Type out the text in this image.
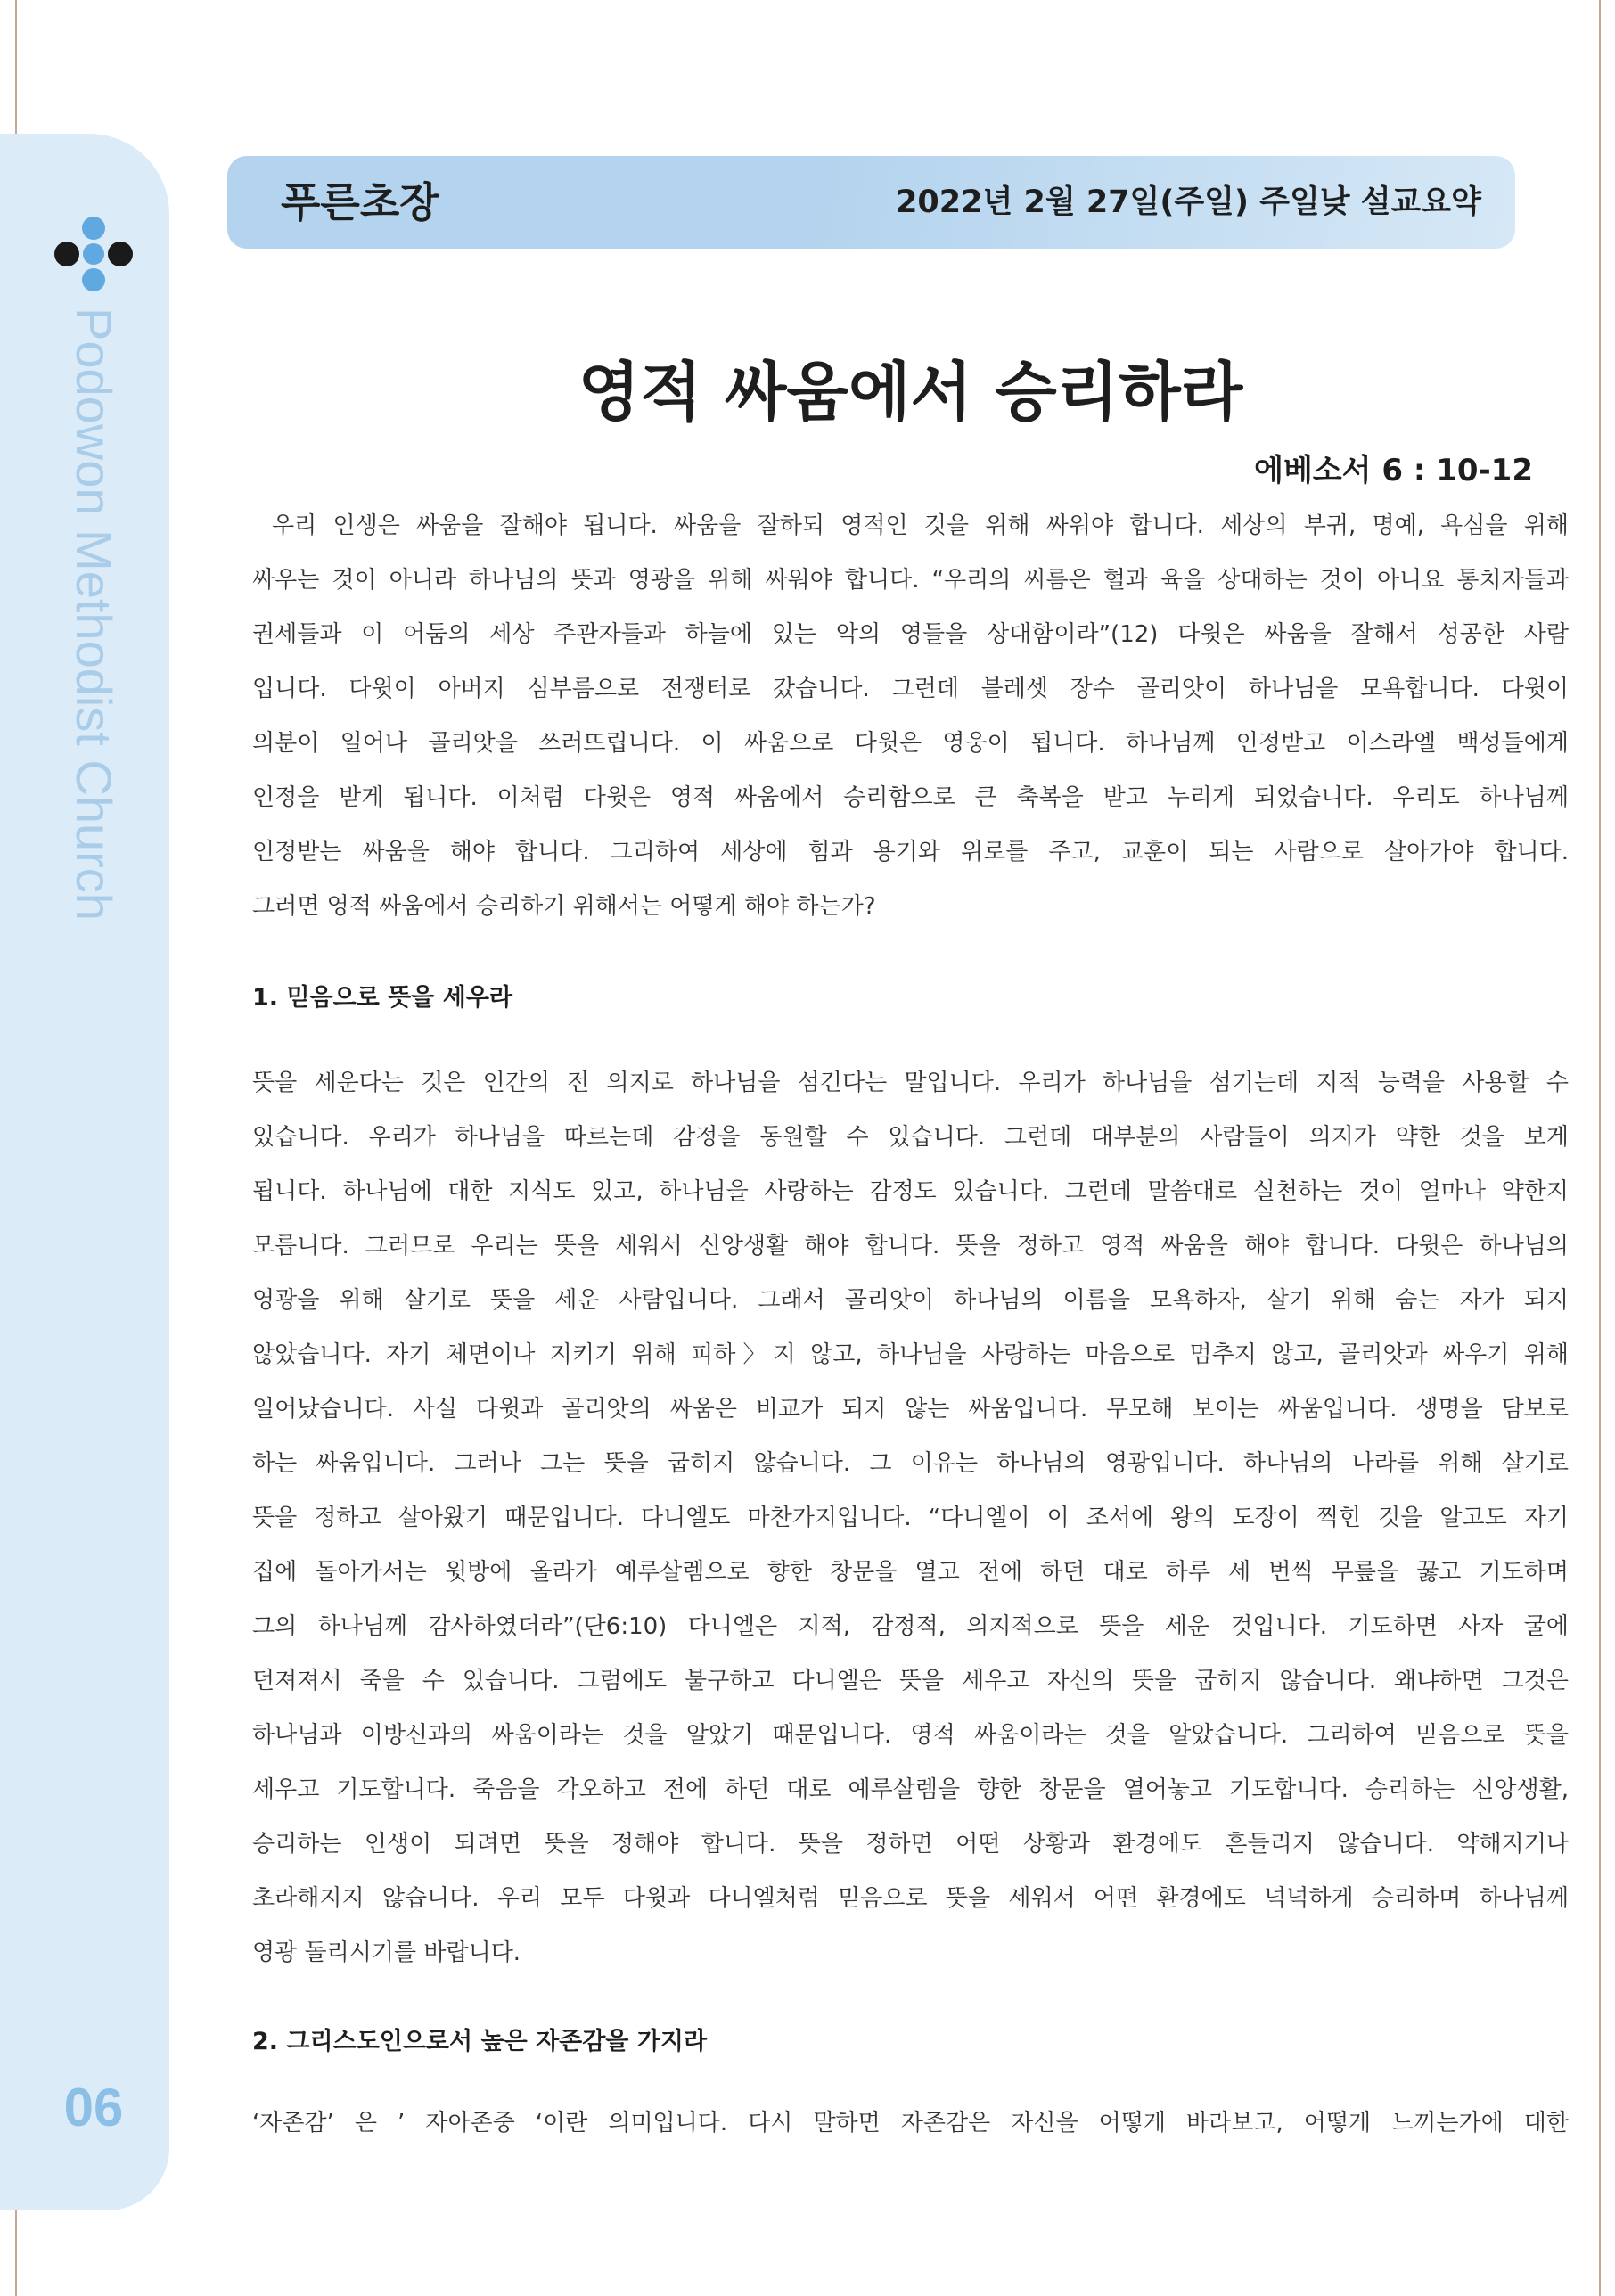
Podowon Methodist Church
06
푸른초장	2022년 2월 27일(주일) 주일낮 설교요약
영적 싸움에서 승리하라
에베소서 6 : 10-12
우리 인생은 싸움을 잘해야 됩니다. 싸움을 잘하되 영적인 것을 위해 싸워야 합니다. 세상의 부귀, 명예, 욕심을 위해
싸우는 것이 아니라 하나님의 뜻과 영광을 위해 싸워야 합니다. “우리의 씨름은 혈과 육을 상대하는 것이 아니요 통치자들과
권세들과 이 어둠의 세상 주관자들과 하늘에 있는 악의 영들을 상대함이라”(12) 다윗은 싸움을 잘해서 성공한 사람
입니다. 다윗이 아버지 심부름으로 전쟁터로 갔습니다. 그런데 블레셋 장수 골리앗이 하나님을 모욕합니다. 다윗이
의분이 일어나 골리앗을 쓰러뜨립니다. 이 싸움으로 다윗은 영웅이 됩니다. 하나님께 인정받고 이스라엘 백성들에게
인정을 받게 됩니다. 이처럼 다윗은 영적 싸움에서 승리함으로 큰 축복을 받고 누리게 되었습니다. 우리도 하나님께
인정받는 싸움을 해야 합니다. 그리하여 세상에 힘과 용기와 위로를 주고, 교훈이 되는 사람으로 살아가야 합니다.
그러면 영적 싸움에서 승리하기 위해서는 어떻게 해야 하는가?
1. 믿음으로 뜻을 세우라
뜻을 세운다는 것은 인간의 전 의지로 하나님을 섬긴다는 말입니다. 우리가 하나님을 섬기는데 지적 능력을 사용할 수
있습니다. 우리가 하나님을 따르는데 감정을 동원할 수 있습니다. 그런데 대부분의 사람들이 의지가 약한 것을 보게
됩니다. 하나님에 대한 지식도 있고, 하나님을 사랑하는 감정도 있습니다. 그런데 말씀대로 실천하는 것이 얼마나 약한지
모릅니다. 그러므로 우리는 뜻을 세워서 신앙생활 해야 합니다. 뜻을 정하고 영적 싸움을 해야 합니다. 다윗은 하나님의
영광을 위해 살기로 뜻을 세운 사람입니다. 그래서 골리앗이 하나님의 이름을 모욕하자, 살기 위해 숨는 자가 되지
않았습니다. 자기 체면이나 지키기 위해 피하〉지 않고, 하나님을 사랑하는 마음으로 멈추지 않고, 골리앗과 싸우기 위해
일어났습니다. 사실 다윗과 골리앗의 싸움은 비교가 되지 않는 싸움입니다. 무모해 보이는 싸움입니다. 생명을 담보로
하는 싸움입니다. 그러나 그는 뜻을 굽히지 않습니다. 그 이유는 하나님의 영광입니다. 하나님의 나라를 위해 살기로
뜻을 정하고 살아왔기 때문입니다. 다니엘도 마찬가지입니다. “다니엘이 이 조서에 왕의 도장이 찍힌 것을 알고도 자기
집에 돌아가서는 윗방에 올라가 예루살렘으로 향한 창문을 열고 전에 하던 대로 하루 세 번씩 무릎을 꿇고 기도하며
그의 하나님께 감사하였더라”(단6:10) 다니엘은 지적, 감정적, 의지적으로 뜻을 세운 것입니다. 기도하면 사자 굴에
던져져서 죽을 수 있습니다. 그럼에도 불구하고 다니엘은 뜻을 세우고 자신의 뜻을 굽히지 않습니다. 왜냐하면 그것은
하나님과 이방신과의 싸움이라는 것을 알았기 때문입니다. 영적 싸움이라는 것을 알았습니다. 그리하여 믿음으로 뜻을
세우고 기도합니다. 죽음을 각오하고 전에 하던 대로 예루살렘을 향한 창문을 열어놓고 기도합니다. 승리하는 신앙생활,
승리하는 인생이 되려면 뜻을 정해야 합니다. 뜻을 정하면 어떤 상황과 환경에도 흔들리지 않습니다. 약해지거나
초라해지지 않습니다. 우리 모두 다윗과 다니엘처럼 믿음으로 뜻을 세워서 어떤 환경에도 넉넉하게 승리하며 하나님께
영광 돌리시기를 바랍니다.
2. 그리스도인으로서 높은 자존감을 가지라
‘자존감’ 은 ’ 자아존중 ‘이란 의미입니다. 다시 말하면 자존감은 자신을 어떻게 바라보고, 어떻게 느끼는가에 대한
